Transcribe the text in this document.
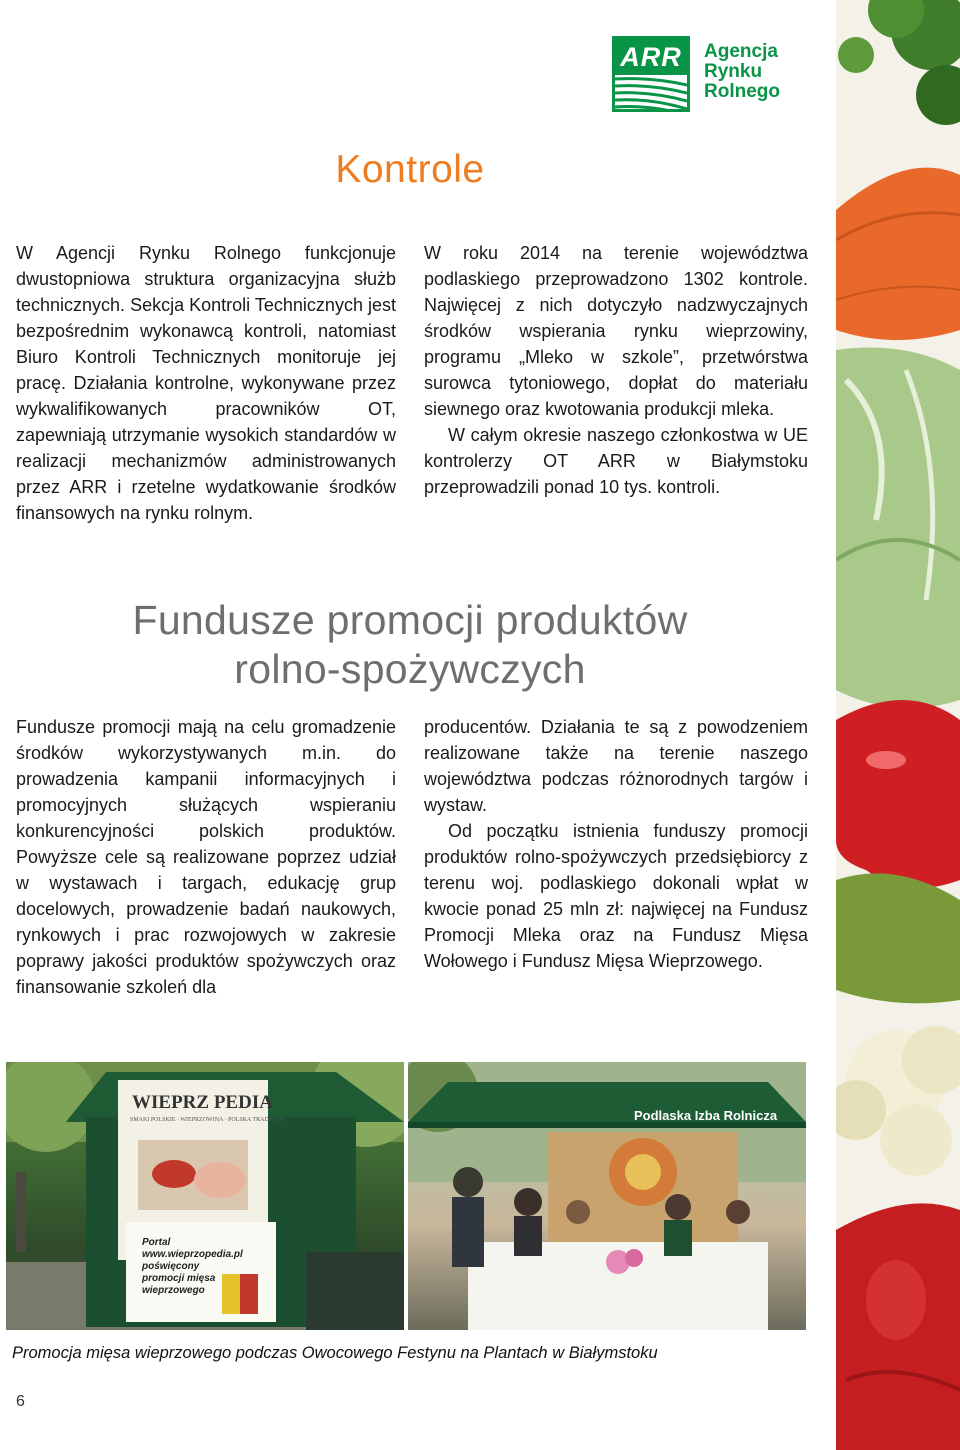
ARR Agencja
Rynku
Rolnego
Kontrole

W Agencji Rynku Rolnego funkcjonuje dwustopniowa struktura organizacyjna służb technicznych. Sekcja Kontroli Technicznych jest bezpośrednim wykonawcą kontroli, natomiast Biuro Kontroli Technicznych monitoruje jej pracę. Działania kontrolne, wykonywane przez wykwalifikowanych pracowników OT, zapewniają utrzymanie wysokich standardów w realizacji mechanizmów administrowanych przez ARR i rzetelne wydatkowanie środków finansowych na rynku rolnym.

W roku 2014 na terenie województwa podlaskiego przeprowadzono 1302 kontrole. Najwięcej z nich dotyczyło nadzwyczajnych środków wspierania rynku wieprzowiny, programu „Mleko w szkole”, przetwórstwa surowca tytoniowego, dopłat do materiału siewnego oraz kwotowania produkcji mleka.

W całym okresie naszego członkostwa w UE kontrolerzy OT ARR w Białymstoku przeprowadzili ponad 10 tys. kontroli.

Fundusze promocji produktów
rolno-spożywczych

Fundusze promocji mają na celu gromadzenie środków wykorzystywanych m.in. do prowadzenia kampanii informacyjnych i promocyjnych służących wspieraniu konkurencyjności polskich produktów. Powyższe cele są realizowane poprzez udział w wystawach i targach, edukację grup docelowych, prowadzenie badań naukowych, rynkowych i prac rozwojowych w zakresie poprawy jakości produktów spożywczych oraz finansowanie szkoleń dla

producentów. Działania te są z powodzeniem realizowane także na terenie naszego województwa podczas różnorodnych targów i wystaw.

Od początku istnienia funduszy promocji produktów rolno-spożywczych przedsiębiorcy z terenu woj. podlaskiego dokonali wpłat w kwocie ponad 25 mln zł: najwięcej na Fundusz Promocji Mleka oraz na Fundusz Mięsa Wołowego i Fundusz Mięsa Wieprzowego.

WIEPRZ PEDIA
SMAKI POLSKIE · WIEPRZOWINA · POLSKA TRADYCJA
Portal www.wieprzopedia.pl
poświęcony
promocji mięsa wieprzowego
Podlaska Izba Rolnicza
Promocja mięsa wieprzowego podczas Owocowego Festynu na Plantach w Białymstoku
6
